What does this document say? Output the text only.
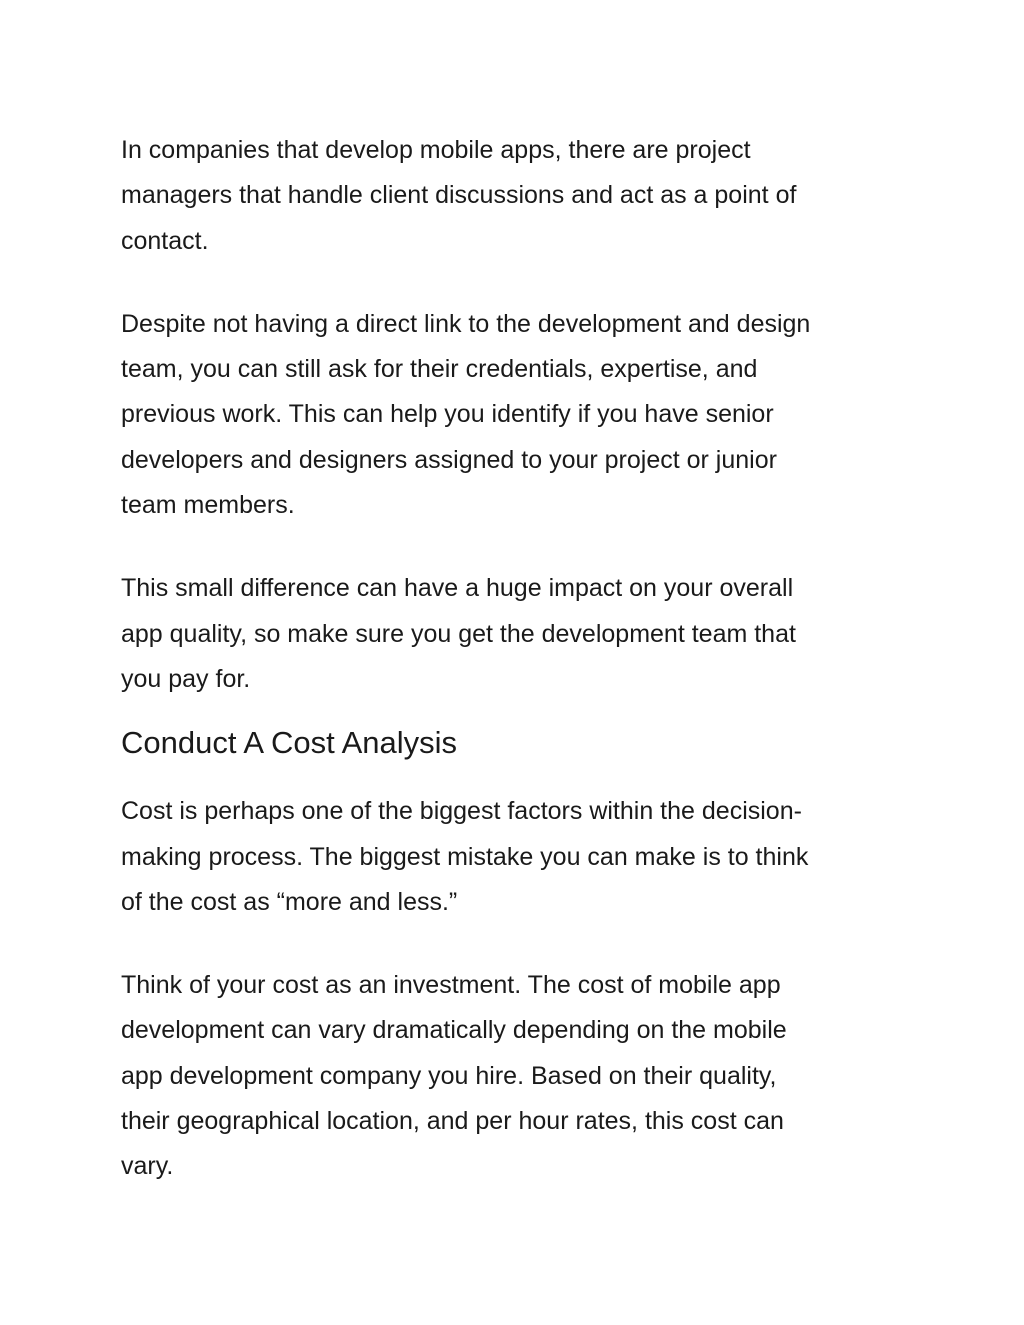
In companies that develop mobile apps, there are project
managers that handle client discussions and act as a point of
contact.

Despite not having a direct link to the development and design
team, you can still ask for their credentials, expertise, and
previous work. This can help you identify if you have senior
developers and designers assigned to your project or junior
team members.

This small difference can have a huge impact on your overall
app quality, so make sure you get the development team that
you pay for.

Conduct A Cost Analysis

Cost is perhaps one of the biggest factors within the decision-
making process. The biggest mistake you can make is to think
of the cost as “more and less.”

Think of your cost as an investment. The cost of mobile app
development can vary dramatically depending on the mobile
app development company you hire. Based on their quality,
their geographical location, and per hour rates, this cost can
vary.
